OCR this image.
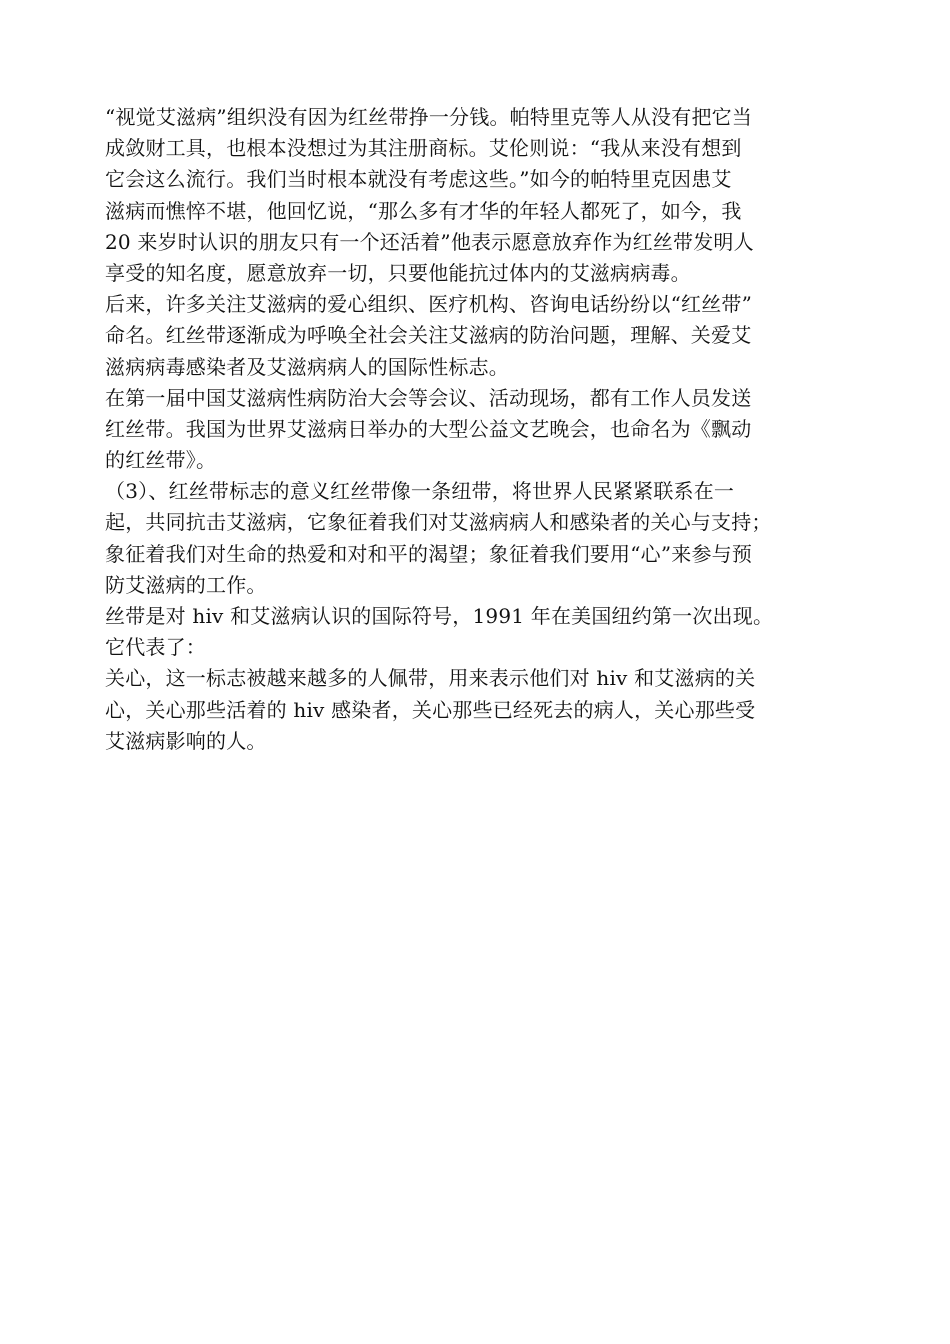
“视觉艾滋病”组织没有因为红丝带挣一分钱。帕特里克等人从没有把它当
成敛财工具，也根本没想过为其注册商标。艾伦则说：“我从来没有想到
它会这么流行。我们当时根本就没有考虑这些。”如今的帕特里克因患艾
滋病而憔悴不堪，他回忆说，“那么多有才华的年轻人都死了，如今，我
20 来岁时认识的朋友只有一个还活着”他表示愿意放弃作为红丝带发明人
享受的知名度，愿意放弃一切，只要他能抗过体内的艾滋病病毒。
后来，许多关注艾滋病的爱心组织、医疗机构、咨询电话纷纷以“红丝带”
命名。红丝带逐渐成为呼唤全社会关注艾滋病的防治问题，理解、关爱艾
滋病病毒感染者及艾滋病病人的国际性标志。
在第一届中国艾滋病性病防治大会等会议、活动现场，都有工作人员发送
红丝带。我国为世界艾滋病日举办的大型公益文艺晚会，也命名为《飘动
的红丝带》。
（3）、红丝带标志的意义红丝带像一条纽带，将世界人民紧紧联系在一
起，共同抗击艾滋病，它象征着我们对艾滋病病人和感染者的关心与支持；
象征着我们对生命的热爱和对和平的渴望；象征着我们要用“心”来参与预
防艾滋病的工作。
丝带是对 hiv 和艾滋病认识的国际符号，1991 年在美国纽约第一次出现。
它代表了：
关心，这一标志被越来越多的人佩带，用来表示他们对 hiv 和艾滋病的关
心，关心那些活着的 hiv 感染者，关心那些已经死去的病人，关心那些受
艾滋病影响的人。
